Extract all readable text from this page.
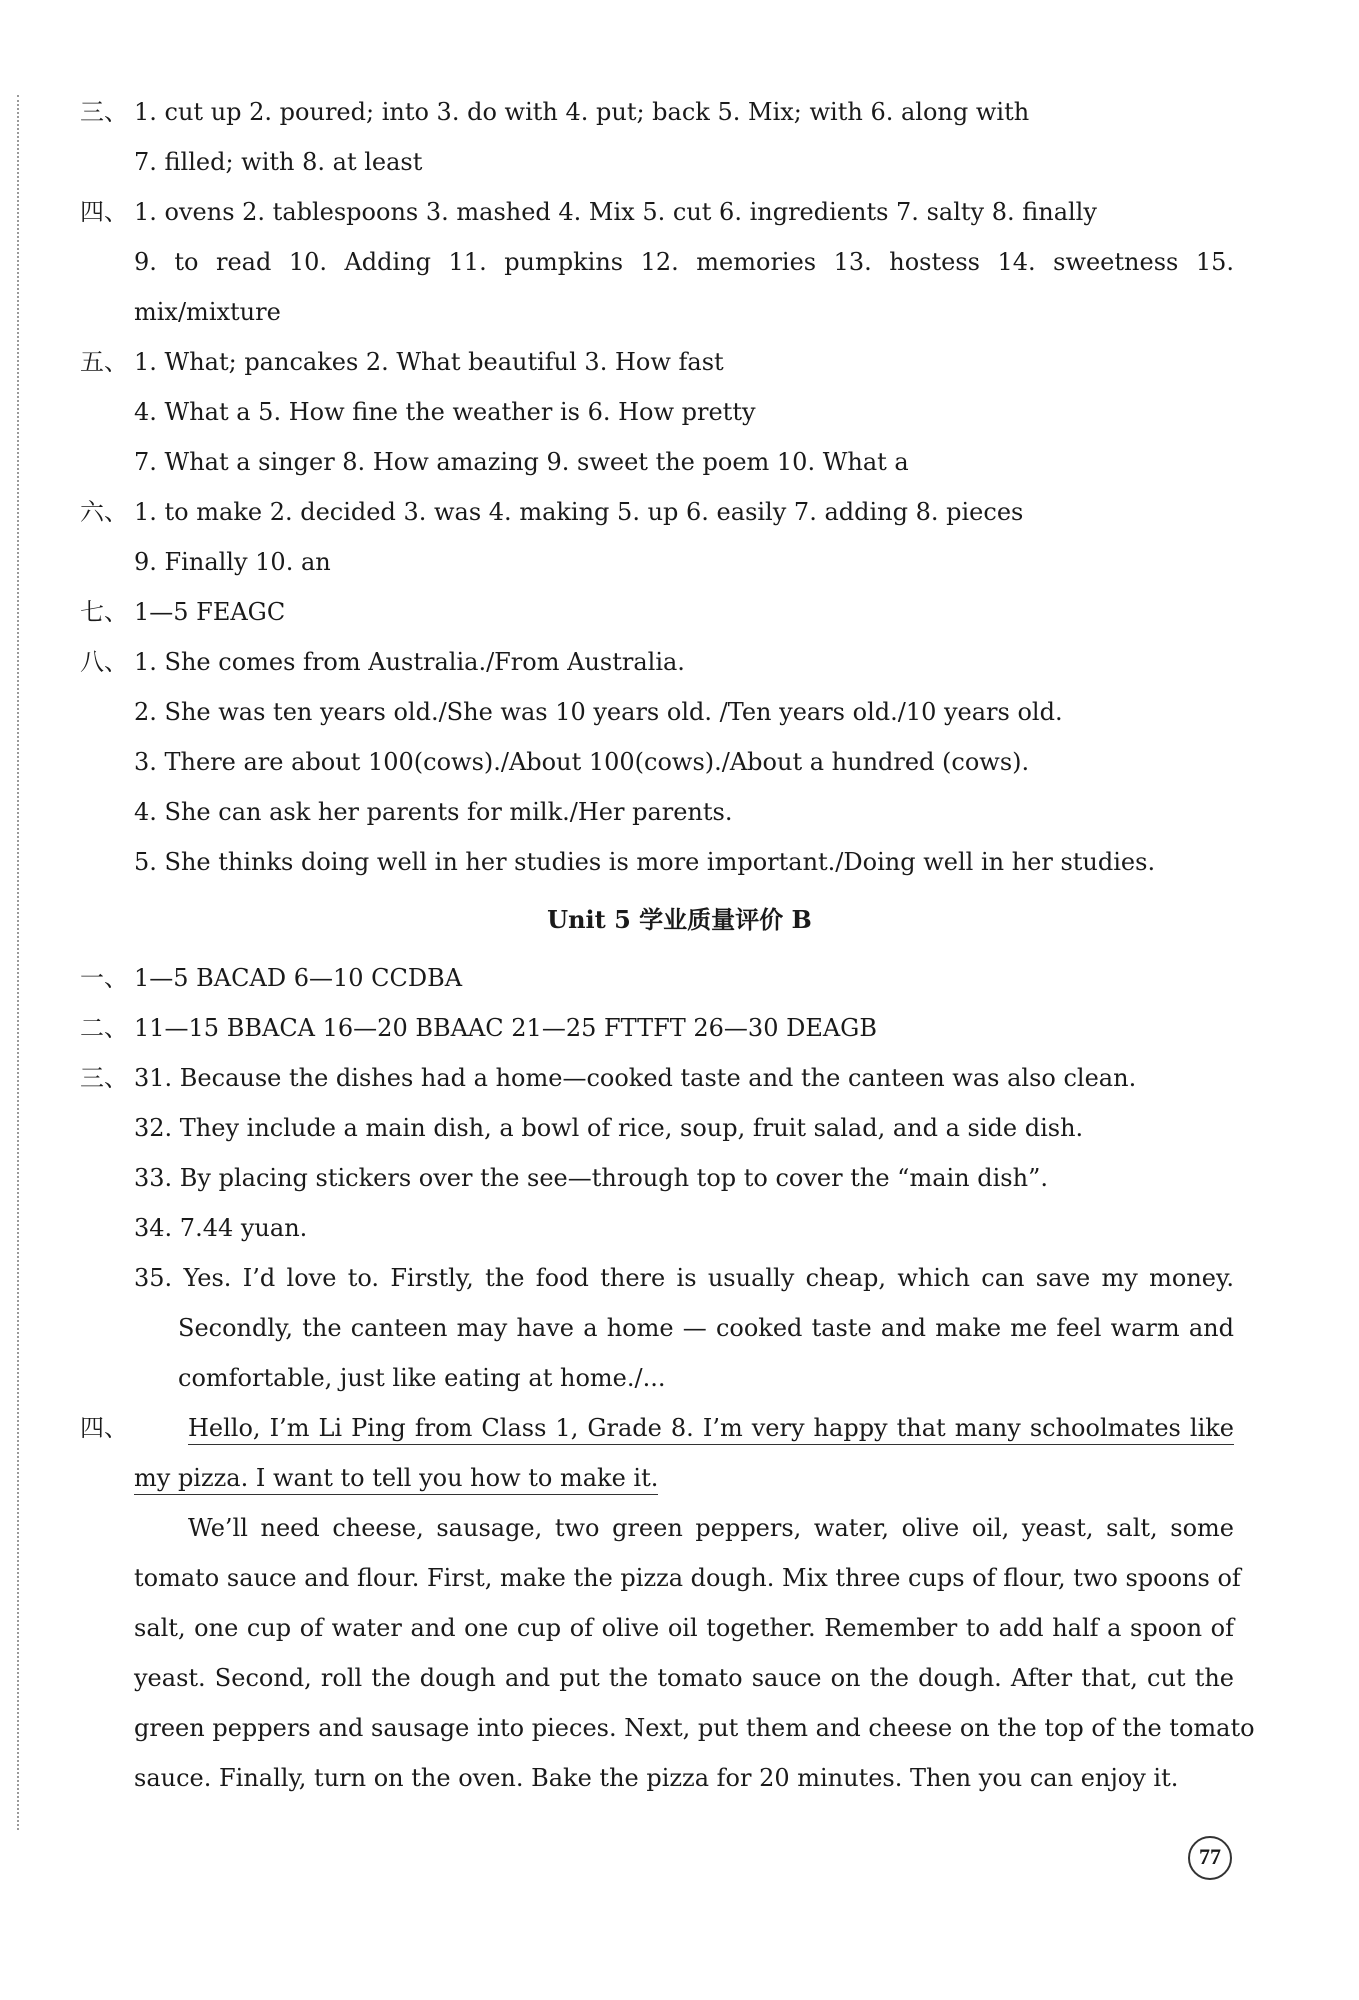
三、 1. cut up 2. poured; into 3. do with 4. put; back 5. Mix; with 6. along with
7. filled; with 8. at least
四、 1. ovens 2. tablespoons 3. mashed 4. Mix 5. cut 6. ingredients 7. salty 8. finally
9. to read 10. Adding 11. pumpkins 12. memories 13. hostess 14. sweetness 15.
mix/mixture
五、 1. What; pancakes 2. What beautiful 3. How fast
4. What a 5. How fine the weather is 6. How pretty
7. What a singer 8. How amazing 9. sweet the poem 10. What a
六、 1. to make 2. decided 3. was 4. making 5. up 6. easily 7. adding 8. pieces
9. Finally 10. an
七、 1—5 FEAGC
八、 1. She comes from Australia./From Australia.
2. She was ten years old./She was 10 years old. /Ten years old./10 years old.
3. There are about 100(cows)./About 100(cows)./About a hundred (cows).
4. She can ask her parents for milk./Her parents.
5. She thinks doing well in her studies is more important./Doing well in her studies.
Unit 5 学业质量评价 B
一、 1—5 BACAD 6—10 CCDBA
二、 11—15 BBACA 16—20 BBAAC 21—25 FTTFT 26—30 DEAGB
三、 31. Because the dishes had a home—cooked taste and the canteen was also clean.
32. They include a main dish, a bowl of rice, soup, fruit salad, and a side dish.
33. By placing stickers over the see—through top to cover the “main dish”.
34. 7.44 yuan.
35. Yes. I’d love to. Firstly, the food there is usually cheap, which can save my money.
Secondly, the canteen may have a home — cooked taste and make me feel warm and
comfortable, just like eating at home./...
四、	Hello, I’m Li Ping from Class 1, Grade 8. I’m very happy that many schoolmates like
my pizza. I want to tell you how to make it.
We’ll need cheese, sausage, two green peppers, water, olive oil, yeast, salt, some
tomato sauce and flour. First, make the pizza dough. Mix three cups of flour, two spoons of
salt, one cup of water and one cup of olive oil together. Remember to add half a spoon of
yeast. Second, roll the dough and put the tomato sauce on the dough. After that, cut the
green peppers and sausage into pieces. Next, put them and cheese on the top of the tomato
sauce. Finally, turn on the oven. Bake the pizza for 20 minutes. Then you can enjoy it.
77
